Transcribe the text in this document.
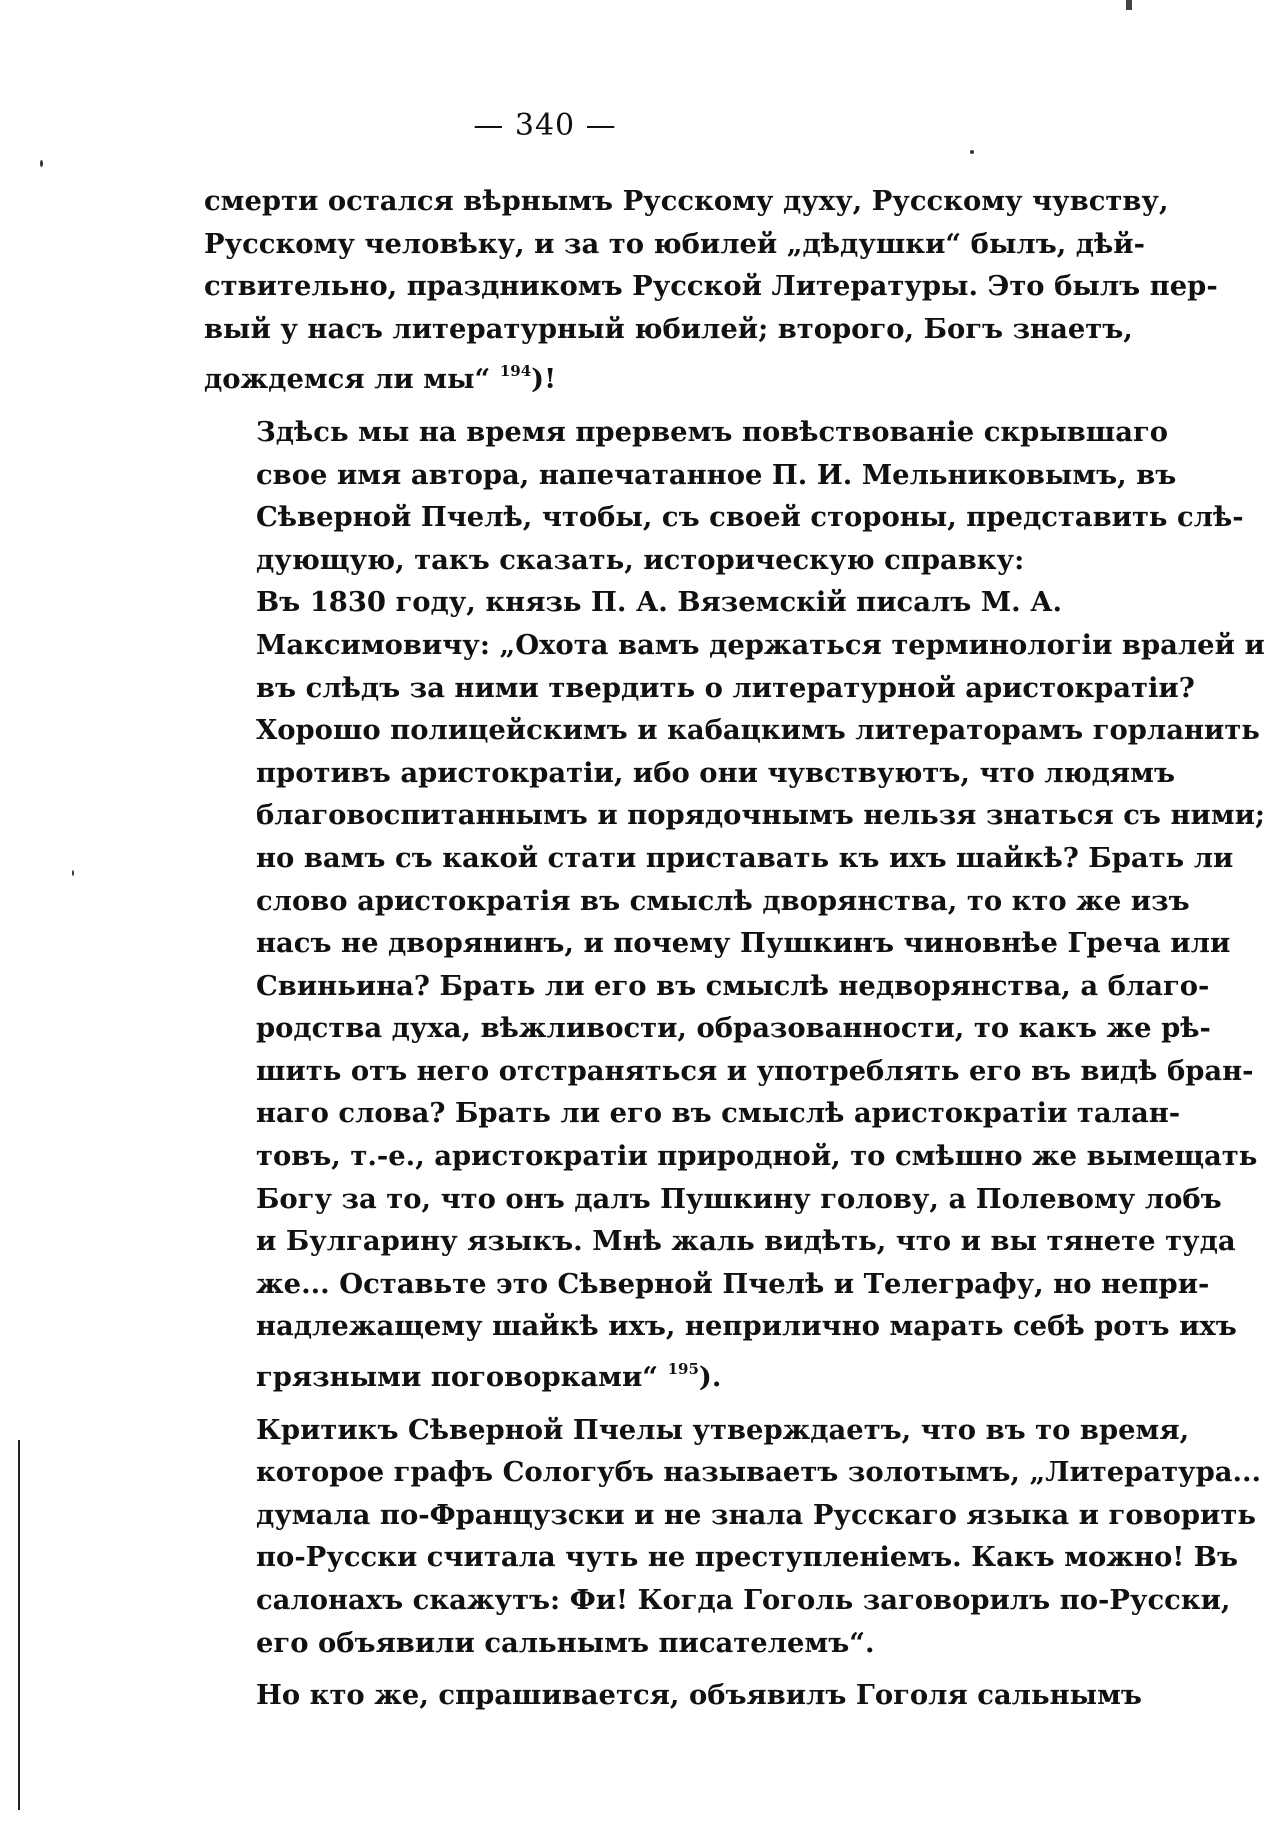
— 340 —

смерти остался вѣрнымъ Русскому духу, Русскому чувству,
Русскому человѣку, и за то юбилей „дѣдушки“ былъ, дѣй-
ствительно, праздникомъ Русской Литературы. Это былъ пер-
вый у насъ литературный юбилей; второго, Богъ знаетъ,
дождемся ли мы“ $^{194}$)!

Здѣсь мы на время прервемъ повѣствованіе скрывшаго
свое имя автора, напечатанное П. И. Мельниковымъ, въ
Сѣверной Пчелѣ, чтобы, съ своей стороны, представить слѣ-
дующую, такъ сказать, историческую справку:

Въ 1830 году, князь П. А. Вяземскій писалъ М. А.
Максимовичу: „Охота вамъ держаться терминологіи вралей и
въ слѣдъ за ними твердить о литературной аристократіи?
Хорошо полицейскимъ и кабацкимъ литераторамъ горланить
противъ аристократіи, ибо они чувствуютъ, что людямъ
благовоспитаннымъ и порядочнымъ нельзя знаться съ ними;
но вамъ съ какой стати приставать къ ихъ шайкѣ? Брать ли
слово аристократія въ смыслѣ дворянства, то кто же изъ
насъ не дворянинъ, и почему Пушкинъ чиновнѣе Греча или
Свиньина? Брать ли его въ смыслѣ недворянства, а благо-
родства духа, вѣжливости, образованности, то какъ же рѣ-
шить отъ него отстраняться и употреблять его въ видѣ бран-
наго слова? Брать ли его въ смыслѣ аристократіи талан-
товъ, т.-е., аристократіи природной, то смѣшно же вымещать
Богу за то, что онъ далъ Пушкину голову, а Полевому лобъ
и Булгарину языкъ. Мнѣ жаль видѣть, что и вы тянете туда
же... Оставьте это Сѣверной Пчелѣ и Телеграфу, но непри-
надлежащему шайкѣ ихъ, неприлично марать себѣ ротъ ихъ
грязными поговорками“ $^{195}$).

Критикъ Сѣверной Пчелы утверждаетъ, что въ то время,
которое графъ Сологубъ называетъ золотымъ, „Литература...
думала по-Французски и не знала Русскаго языка и говорить
по-Русски считала чуть не преступленіемъ. Какъ можно! Въ
салонахъ скажутъ: Фи! Когда Гоголь заговорилъ по-Русски,
его объявили сальнымъ писателемъ“.

Но кто же, спрашивается, объявилъ Гоголя сальнымъ
